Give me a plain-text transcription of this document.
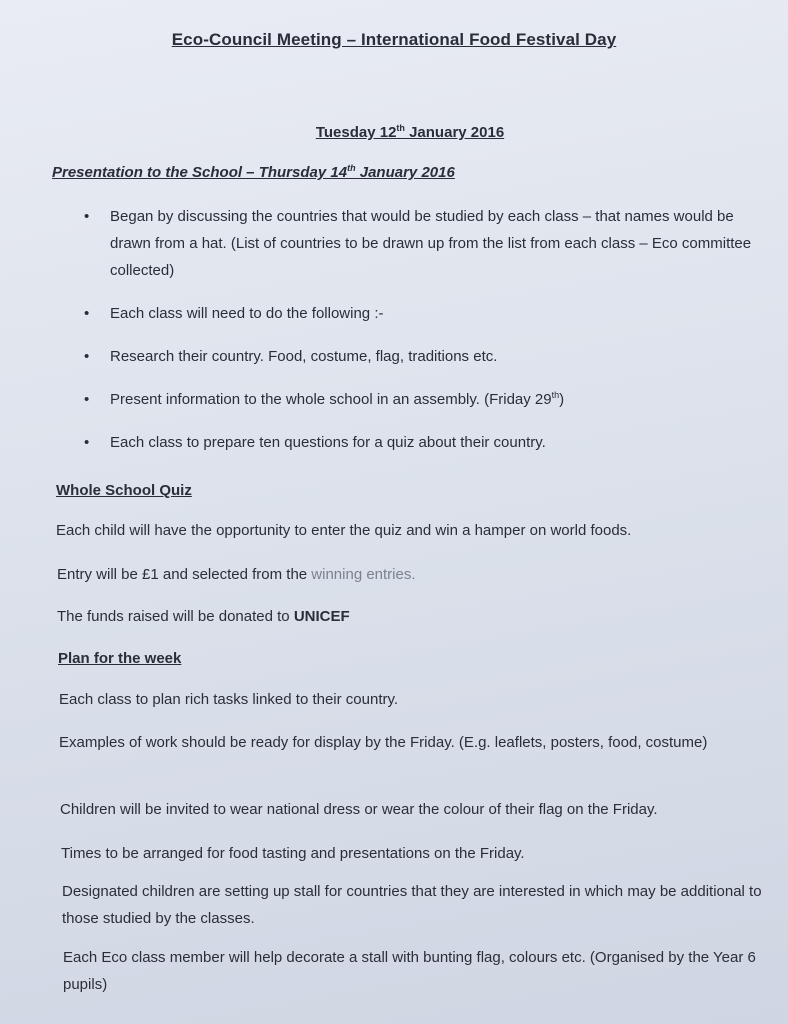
Eco-Council Meeting – International Food Festival Day
Tuesday 12th January 2016
Presentation to the School – Thursday 14th January 2016
• Began by discussing the countries that would be studied by each class – that names would be drawn from a hat. (List of countries to be drawn up from the list from each class – Eco committee collected)
• Each class will need to do the following :-
• Research their country. Food, costume, flag, traditions etc.
• Present information to the whole school in an assembly. (Friday 29th)
• Each class to prepare ten questions for a quiz about their country.
Whole School Quiz
Each child will have the opportunity to enter the quiz and win a hamper on world foods.
Entry will be £1 and selected from the winning entries.
The funds raised will be donated to UNICEF
Plan for the week
Each class to plan rich tasks linked to their country.
Examples of work should be ready for display by the Friday. (E.g. leaflets, posters, food, costume)
Children will be invited to wear national dress or wear the colour of their flag on the Friday.
Times to be arranged for food tasting and presentations on the Friday.
Designated children are setting up stall for countries that they are interested in which may be additional to those studied by the classes.
Each Eco class member will help decorate a stall with bunting flag, colours etc. (Organised by the Year 6 pupils)
